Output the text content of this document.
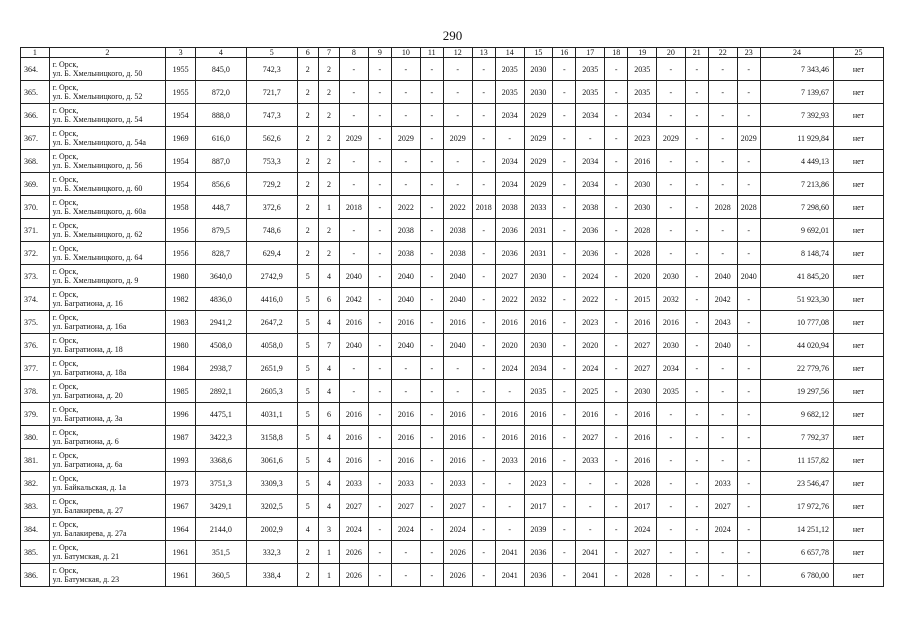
290
1	2	3	4	5	6	7	8	9	10	11	12	13	14	15	16	17	18	19	20	21	22	23	24	25
364.	г. Орск,
ул. Б. Хмельницкого, д. 50	1955	845,0	742,3	2	2	-	-	-	-	-	-	2035	2030	-	2035	-	2035	-	-	-	-	7 343,46	нет
365.	г. Орск,
ул. Б. Хмельницкого, д. 52	1955	872,0	721,7	2	2	-	-	-	-	-	-	2035	2030	-	2035	-	2035	-	-	-	-	7 139,67	нет
366.	г. Орск,
ул. Б. Хмельницкого, д. 54	1954	888,0	747,3	2	2	-	-	-	-	-	-	2034	2029	-	2034	-	2034	-	-	-	-	7 392,93	нет
367.	г. Орск,
ул. Б. Хмельницкого, д. 54а	1969	616,0	562,6	2	2	2029	-	2029	-	2029	-	-	2029	-	-	-	2023	2029	-	-	2029	11 929,84	нет
368.	г. Орск,
ул. Б. Хмельницкого, д. 56	1954	887,0	753,3	2	2	-	-	-	-	-	-	2034	2029	-	2034	-	2016	-	-	-	-	4 449,13	нет
369.	г. Орск,
ул. Б. Хмельницкого, д. 60	1954	856,6	729,2	2	2	-	-	-	-	-	-	2034	2029	-	2034	-	2030	-	-	-	-	7 213,86	нет
370.	г. Орск,
ул. Б. Хмельницкого, д. 60а	1958	448,7	372,6	2	1	2018	-	2022	-	2022	2018	2038	2033	-	2038	-	2030	-	-	2028	2028	7 298,60	нет
371.	г. Орск,
ул. Б. Хмельницкого, д. 62	1956	879,5	748,6	2	2	-	-	2038	-	2038	-	2036	2031	-	2036	-	2028	-	-	-	-	9 692,01	нет
372.	г. Орск,
ул. Б. Хмельницкого, д. 64	1956	828,7	629,4	2	2	-	-	2038	-	2038	-	2036	2031	-	2036	-	2028	-	-	-	-	8 148,74	нет
373.	г. Орск,
ул. Б. Хмельницкого, д. 9	1980	3640,0	2742,9	5	4	2040	-	2040	-	2040	-	2027	2030	-	2024	-	2020	2030	-	2040	2040	41 845,20	нет
374.	г. Орск,
ул. Багратиона, д. 16	1982	4836,0	4416,0	5	6	2042	-	2040	-	2040	-	2022	2032	-	2022	-	2015	2032	-	2042	-	51 923,30	нет
375.	г. Орск,
ул. Багратиона, д. 16а	1983	2941,2	2647,2	5	4	2016	-	2016	-	2016	-	2016	2016	-	2023	-	2016	2016	-	2043	-	10 777,08	нет
376.	г. Орск,
ул. Багратиона, д. 18	1980	4508,0	4058,0	5	7	2040	-	2040	-	2040	-	2020	2030	-	2020	-	2027	2030	-	2040	-	44 020,94	нет
377.	г. Орск,
ул. Багратиона, д. 18а	1984	2938,7	2651,9	5	4	-	-	-	-	-	-	2024	2034	-	2024	-	2027	2034	-	-	-	22 779,76	нет
378.	г. Орск,
ул. Багратиона, д. 20	1985	2892,1	2605,3	5	4	-	-	-	-	-	-	-	2035	-	2025	-	2030	2035	-	-	-	19 297,56	нет
379.	г. Орск,
ул. Багратиона, д. 3а	1996	4475,1	4031,1	5	6	2016	-	2016	-	2016	-	2016	2016	-	2016	-	2016	-	-	-	-	9 682,12	нет
380.	г. Орск,
ул. Багратиона, д. 6	1987	3422,3	3158,8	5	4	2016	-	2016	-	2016	-	2016	2016	-	2027	-	2016	-	-	-	-	7 792,37	нет
381.	г. Орск,
ул. Багратиона, д. 6а	1993	3368,6	3061,6	5	4	2016	-	2016	-	2016	-	2033	2016	-	2033	-	2016	-	-	-	-	11 157,82	нет
382.	г. Орск,
ул. Байкальская, д. 1а	1973	3751,3	3309,3	5	4	2033	-	2033	-	2033	-	-	2023	-	-	-	2028	-	-	2033	-	23 546,47	нет
383.	г. Орск,
ул. Балакирева, д. 27	1967	3429,1	3202,5	5	4	2027	-	2027	-	2027	-	-	2017	-	-	-	2017	-	-	2027	-	17 972,76	нет
384.	г. Орск,
ул. Балакирева, д. 27а	1964	2144,0	2002,9	4	3	2024	-	2024	-	2024	-	-	2039	-	-	-	2024	-	-	2024	-	14 251,12	нет
385.	г. Орск,
ул. Батумская, д. 21	1961	351,5	332,3	2	1	2026	-	-	-	2026	-	2041	2036	-	2041	-	2027	-	-	-	-	6 657,78	нет
386.	г. Орск,
ул. Батумская, д. 23	1961	360,5	338,4	2	1	2026	-	-	-	2026	-	2041	2036	-	2041	-	2028	-	-	-	-	6 780,00	нет
